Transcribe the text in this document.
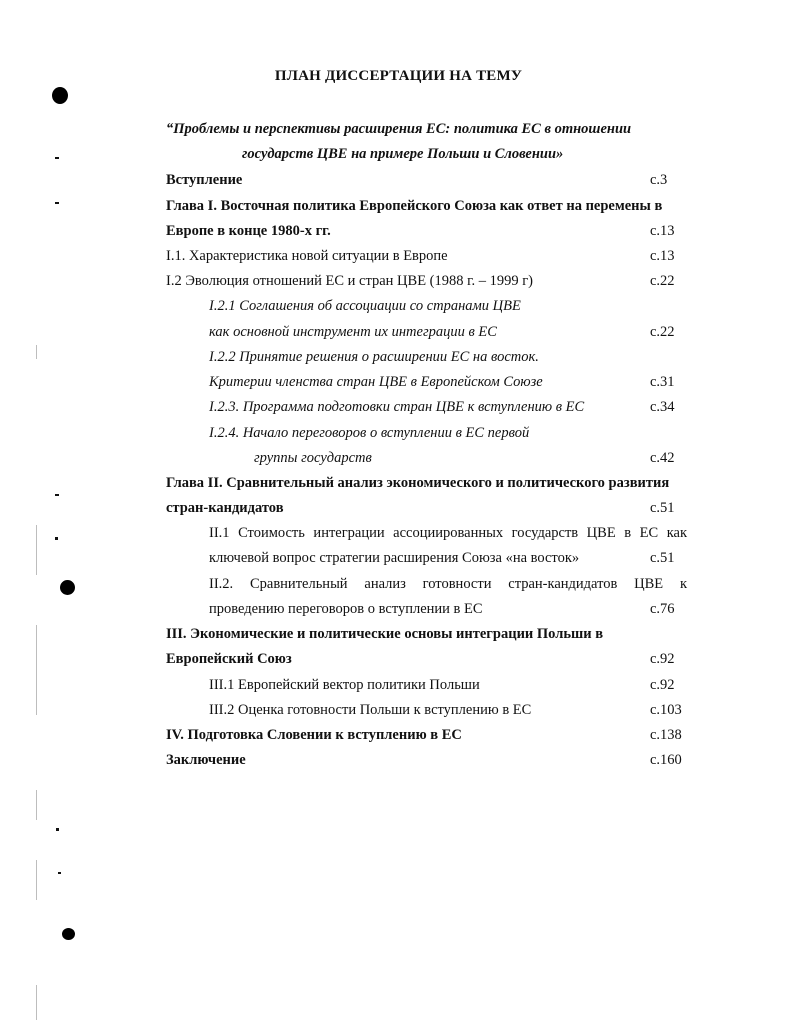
ПЛАН ДИССЕРТАЦИИ НА ТЕМУ
“Проблемы и перспективы расширения ЕС: политика ЕС в отношении
государств ЦВЕ на примере Польши и Словении»
Вступление	с.3
Глава I. Восточная политика Европейского Союза как ответ на перемены в
Европе в конце 1980-х гг.	с.13
I.1. Характеристика новой ситуации в Европе	с.13
I.2 Эволюция отношений ЕС и стран ЦВЕ (1988 г. – 1999 г)	с.22
I.2.1 Соглашения об ассоциации со странами ЦВЕ
как основной инструмент их интеграции в ЕС	с.22
I.2.2 Принятие решения о расширении ЕС на восток.
Критерии членства стран ЦВЕ в Европейском Союзе	с.31
I.2.3. Программа подготовки стран ЦВЕ к вступлению в ЕС	с.34
I.2.4. Начало переговоров о вступлении в ЕС первой
группы государств	с.42
Глава II. Сравнительный анализ экономического и политического развития
стран-кандидатов	с.51
II.1 Стоимость интеграции ассоциированных государств ЦВЕ в ЕС как
ключевой вопрос стратегии расширения Союза «на восток»	с.51
II.2. Сравнительный анализ готовности стран-кандидатов ЦВЕ к
проведению переговоров о вступлении в ЕС	с.76
III. Экономические и политические основы интеграции Польши в
Европейский Союз	с.92
III.1 Европейский вектор политики Польши	с.92
III.2 Оценка готовности Польши к вступлению в ЕС	с.103
IV. Подготовка Словении к вступлению в ЕС	с.138
Заключение	с.160
